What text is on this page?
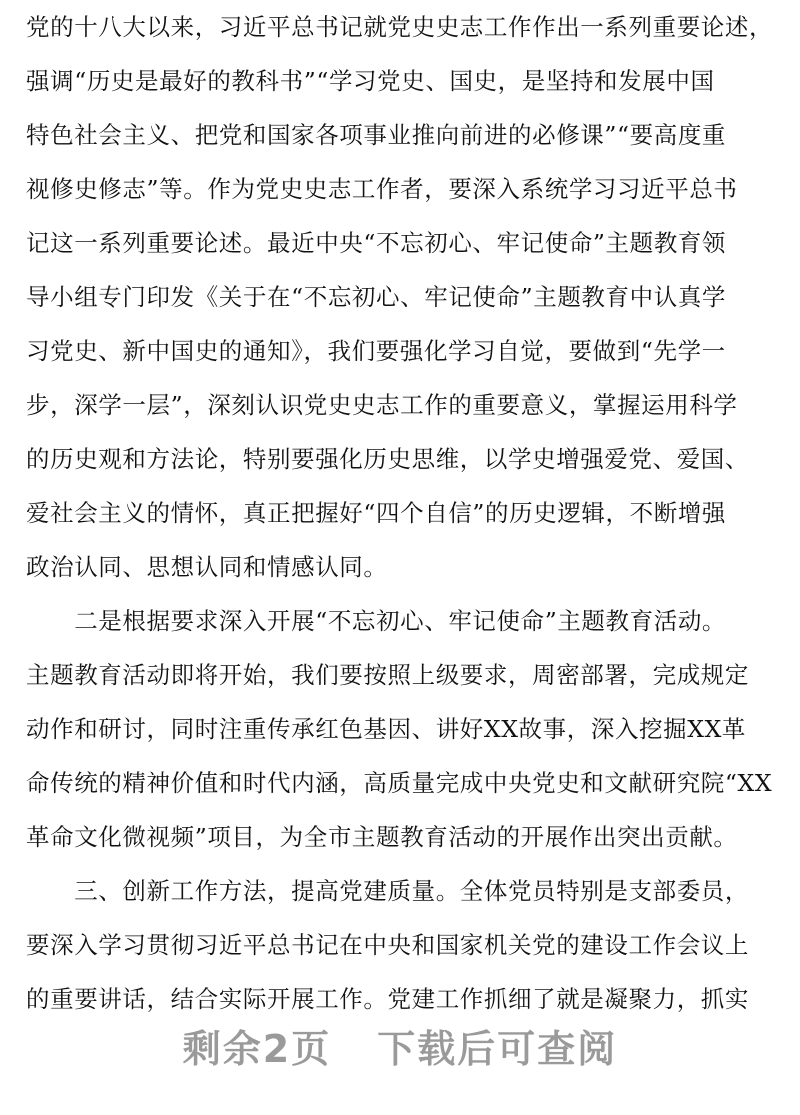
党的十八大以来，习近平总书记就党史史志工作作出一系列重要论述，
强调“历史是最好的教科书”“学习党史、国史，是坚持和发展中国
特色社会主义、把党和国家各项事业推向前进的必修课”“要高度重
视修史修志”等。作为党史史志工作者，要深入系统学习习近平总书
记这一系列重要论述。最近中央“不忘初心、牢记使命”主题教育领
导小组专门印发《关于在“不忘初心、牢记使命”主题教育中认真学
习党史、新中国史的通知》，我们要强化学习自觉，要做到“先学一
步，深学一层”，深刻认识党史史志工作的重要意义，掌握运用科学
的历史观和方法论，特别要强化历史思维，以学史增强爱党、爱国、
爱社会主义的情怀，真正把握好“四个自信”的历史逻辑，不断增强
政治认同、思想认同和情感认同。
　　二是根据要求深入开展“不忘初心、牢记使命”主题教育活动。
主题教育活动即将开始，我们要按照上级要求，周密部署，完成规定
动作和研讨，同时注重传承红色基因、讲好XX故事，深入挖掘XX革
命传统的精神价值和时代内涵，高质量完成中央党史和文献研究院“XX
革命文化微视频”项目，为全市主题教育活动的开展作出突出贡献。
　　三、创新工作方法，提高党建质量。全体党员特别是支部委员，
要深入学习贯彻习近平总书记在中央和国家机关党的建设工作会议上
的重要讲话，结合实际开展工作。党建工作抓细了就是凝聚力，抓实
剩余2页 下载后可查阅
